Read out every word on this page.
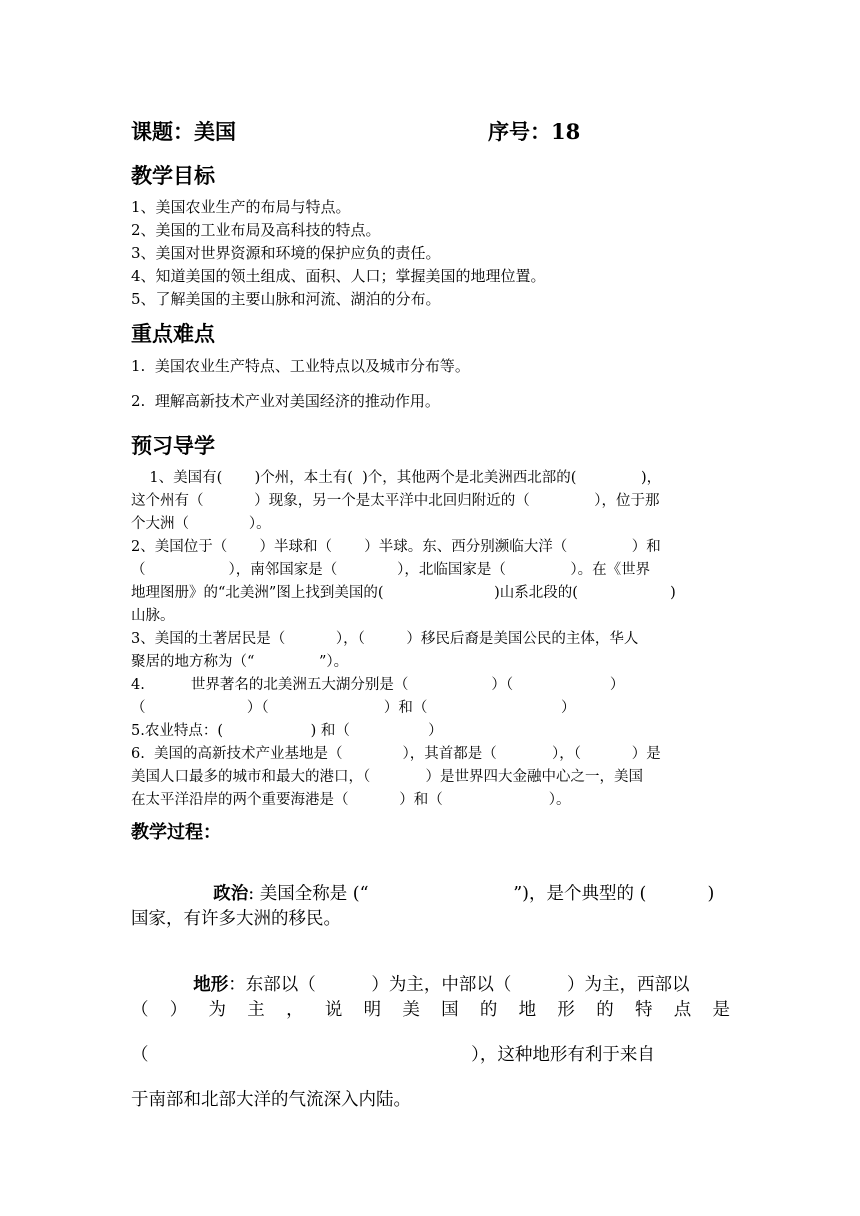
课题：美国	序号：18
教学目标
1、美国农业生产的布局与特点。
2、美国的工业布局及高科技的特点。
3、美国对世界资源和环境的保护应负的责任。
4、知道美国的领土组成、面积、人口；掌握美国的地理位置。
5、了解美国的主要山脉和河流、湖泊的分布。
重点难点
1.  美国农业生产特点、工业特点以及城市分布等。
2.  理解高新技术产业对美国经济的推动作用。
预习导学
1、美国有(       )个州，本土有(  )个，其他两个是北美洲西北部的(              )，
这个州有（           ）现象，另一个是太平洋中北回归附近的（              ），位于那
个大洲（             ）。
2、美国位于（       ）半球和（       ）半球。东、西分别濒临大洋（              ）和
（                  ），南邻国家是（             ），北临国家是（              ）。在《世界
地理图册》的“北美洲”图上找到美国的(                        )山系北段的(                    )
山脉。
3、美国的土著居民是（           ），（         ）移民后裔是美国公民的主体，华人
聚居的地方称为（“              ”）。
4.          世界著名的北美洲五大湖分别是（                  ）（                     ）
（                      ）（                         ）和（                             ）
5.农业特点：(                   ) 和（                 ）
6.  美国的高新技术产业基地是（             ），其首都是（            ），（           ）是
美国人口最多的城市和最大的港口，（            ）是世界四大金融中心之一，美国
在太平洋沿岸的两个重要海港是（           ）和（                       ）。
教学过程：

政治: 美国全称是 (“                          ”)，是个典型的 (           )

国家，有许多大洲的移民。

地形：东部以（          ）为主，中部以（          ）为主，西部以

（ ） 为 主 ， 说 明 美 国 的 地 形 的 特 点 是
（                                                          ），这种地形有利于来自
于南部和北部大洋的气流深入内陆。
